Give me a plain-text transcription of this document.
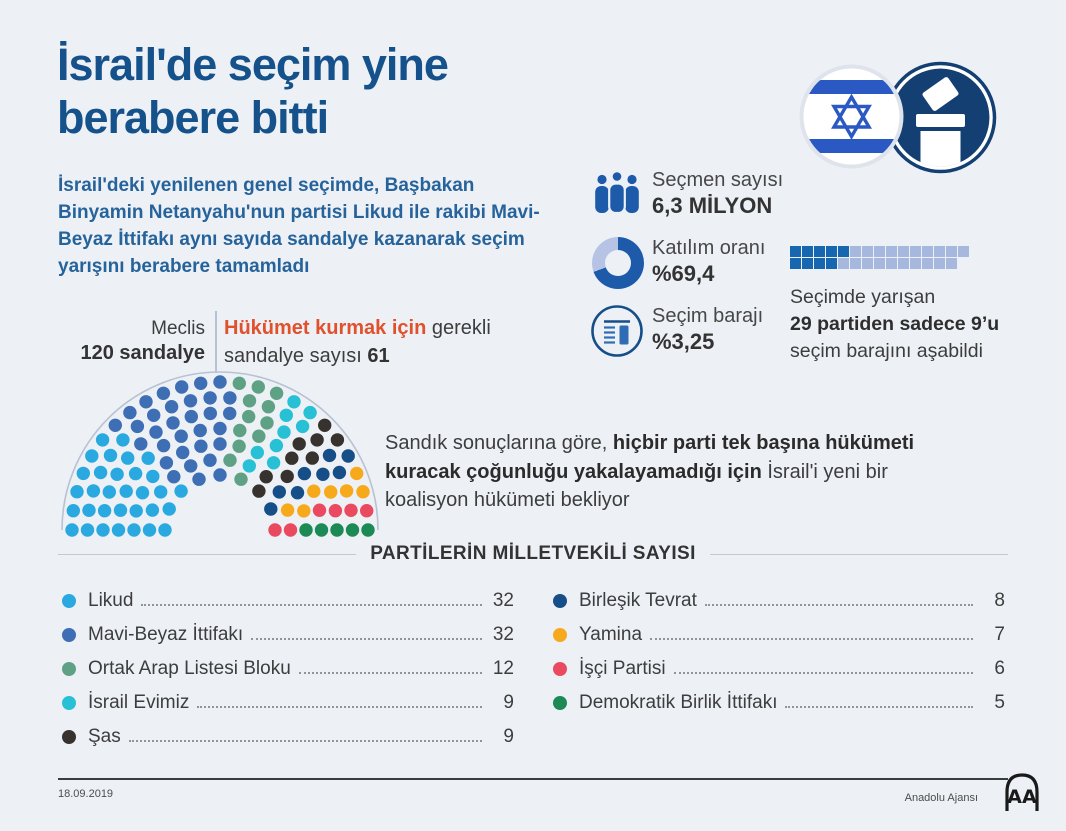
İsrail'de seçim yine
berabere bitti

İsrail'deki yenilenen genel seçimde, Başbakan Binyamin Netanyahu'nun partisi Likud ile rakibi Mavi-Beyaz İttifakı aynı sayıda sandalye kazanarak seçim yarışını berabere tamamladı

Seçmen sayısı
6,3 MİLYON
Katılım oranı
%69,4
Seçim barajı
%3,25
Seçimde yarışan
29 partiden sadece 9’u
seçim barajını aşabildi
Meclis
120 sandalye
Hükümet kurmak için gerekli
sandalye sayısı 61

Sandık sonuçlarına göre, hiçbir parti tek başına hükümeti kuracak çoğunluğu yakalayamadığı için İsrail'i yeni bir koalisyon hükümeti bekliyor

PARTİLERİN MİLLETVEKİLİ SAYISI
Likud	32
Mavi-Beyaz İttifakı	32
Ortak Arap Listesi Bloku	12
İsrail Evimiz	9
Şas	9
Birleşik Tevrat	8
Yamina	7
İşçi Partisi	6
Demokratik Birlik İttifakı	5
18.09.2019	Anadolu Ajansı AA
